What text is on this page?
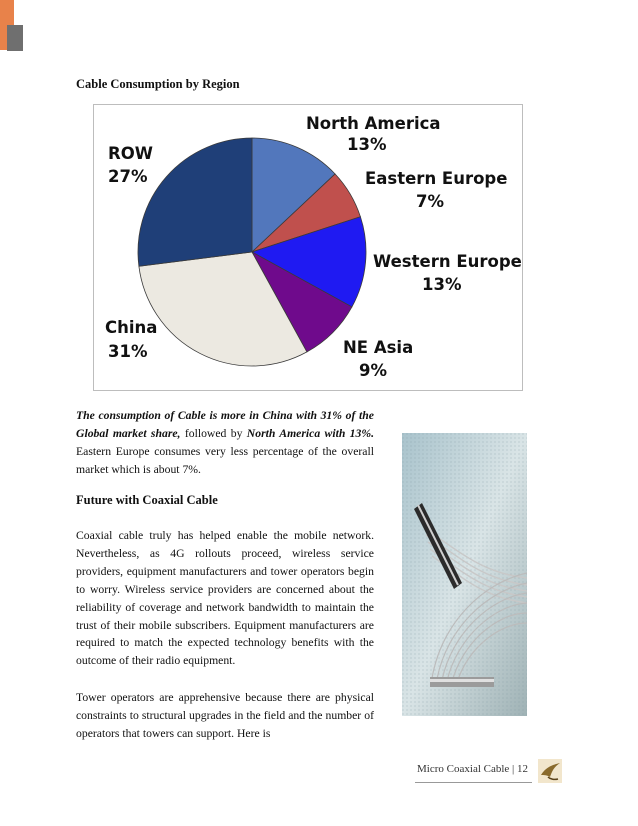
Cable Consumption by Region

North America
13%
Eastern Europe
7%
Western Europe
13%
NE Asia
9%
China
31%
ROW
27%

The consumption of Cable is more in China with 31% of the Global market share, followed by North America with 13%. Eastern Europe consumes very less percentage of the overall market which is about 7%.

Future with Coaxial Cable

Coaxial cable truly has helped enable the mobile network. Nevertheless, as 4G rollouts proceed, wireless service providers, equipment manufacturers and tower operators begin to worry. Wireless service providers are concerned about the reliability of coverage and network bandwidth to maintain the trust of their mobile subscribers. Equipment manufacturers are required to match the expected technology benefits with the outcome of their radio equipment.

Tower operators are apprehensive because there are physical constraints to structural upgrades in the field and the number of operators that towers can support. Here is

Micro Coaxial Cable | 12
